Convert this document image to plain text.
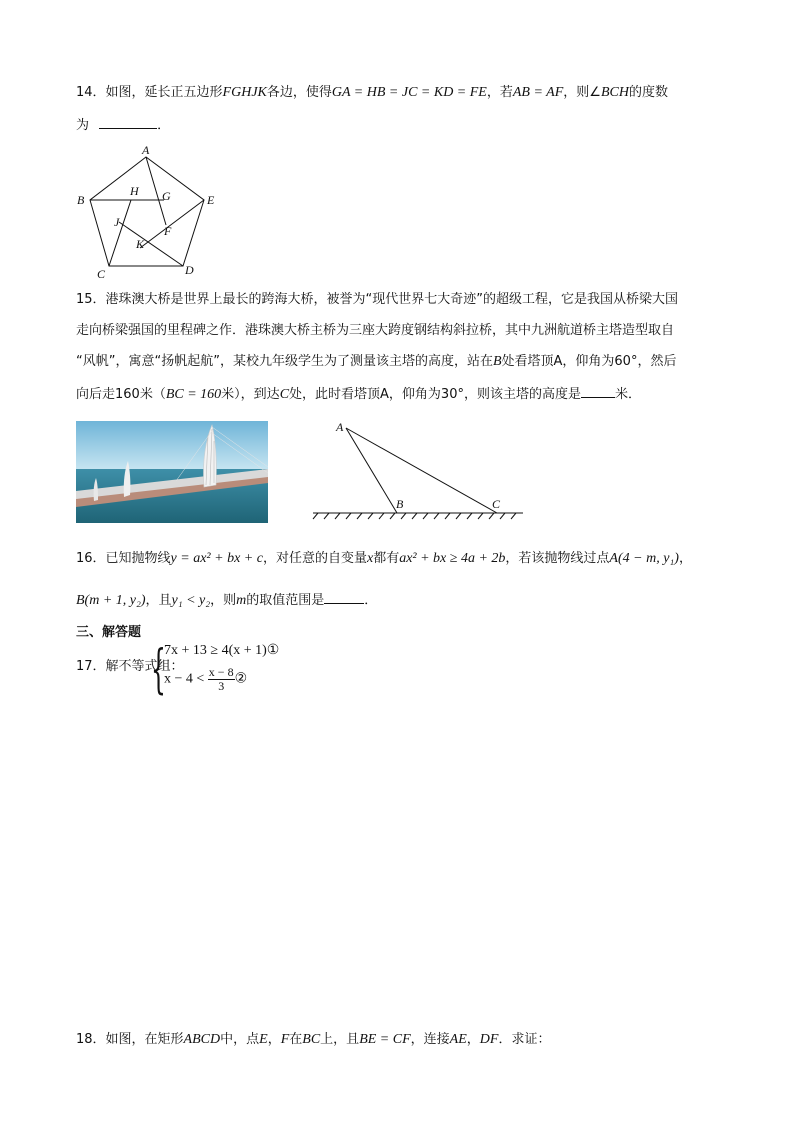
14．如图，延长正五边形FGHJK各边，使得GA = HB = JC = KD = FE，若AB = AF，则∠BCH的度数
为	．
A
B
C	D
E
F
G
H
J
K
15．港珠澳大桥是世界上最长的跨海大桥，被誉为“现代世界七大奇迹”的超级工程，它是我国从桥梁大国
走向桥梁强国的里程碑之作．港珠澳大桥主桥为三座大跨度钢结构斜拉桥，其中九洲航道桥主塔造型取自
“风帆”，寓意“扬帆起航”，某校九年级学生为了测量该主塔的高度，站在B处看塔顶A，仰角为60°，然后
向后走160米（BC = 160米），到达C处，此时看塔顶A，仰角为30°，则该主塔的高度是	米．
A
B	C
16．已知抛物线y = ax² + bx + c，对任意的自变量x都有ax² + bx ≥ 4a + 2b，若该抛物线过点A(4 − m, y₁)，
B(m + 1, y₂)，且y₁ < y₂，则m的取值范围是	．
三、解答题
17．解不等式组：
{
7x + 13 ≥ 4(x + 1)①
$x - 4 < \frac{x - 8}{3}$ ②
18．如图，在矩形ABCD中，点E，F在BC上，且BE = CF，连接AE，DF．求证：
